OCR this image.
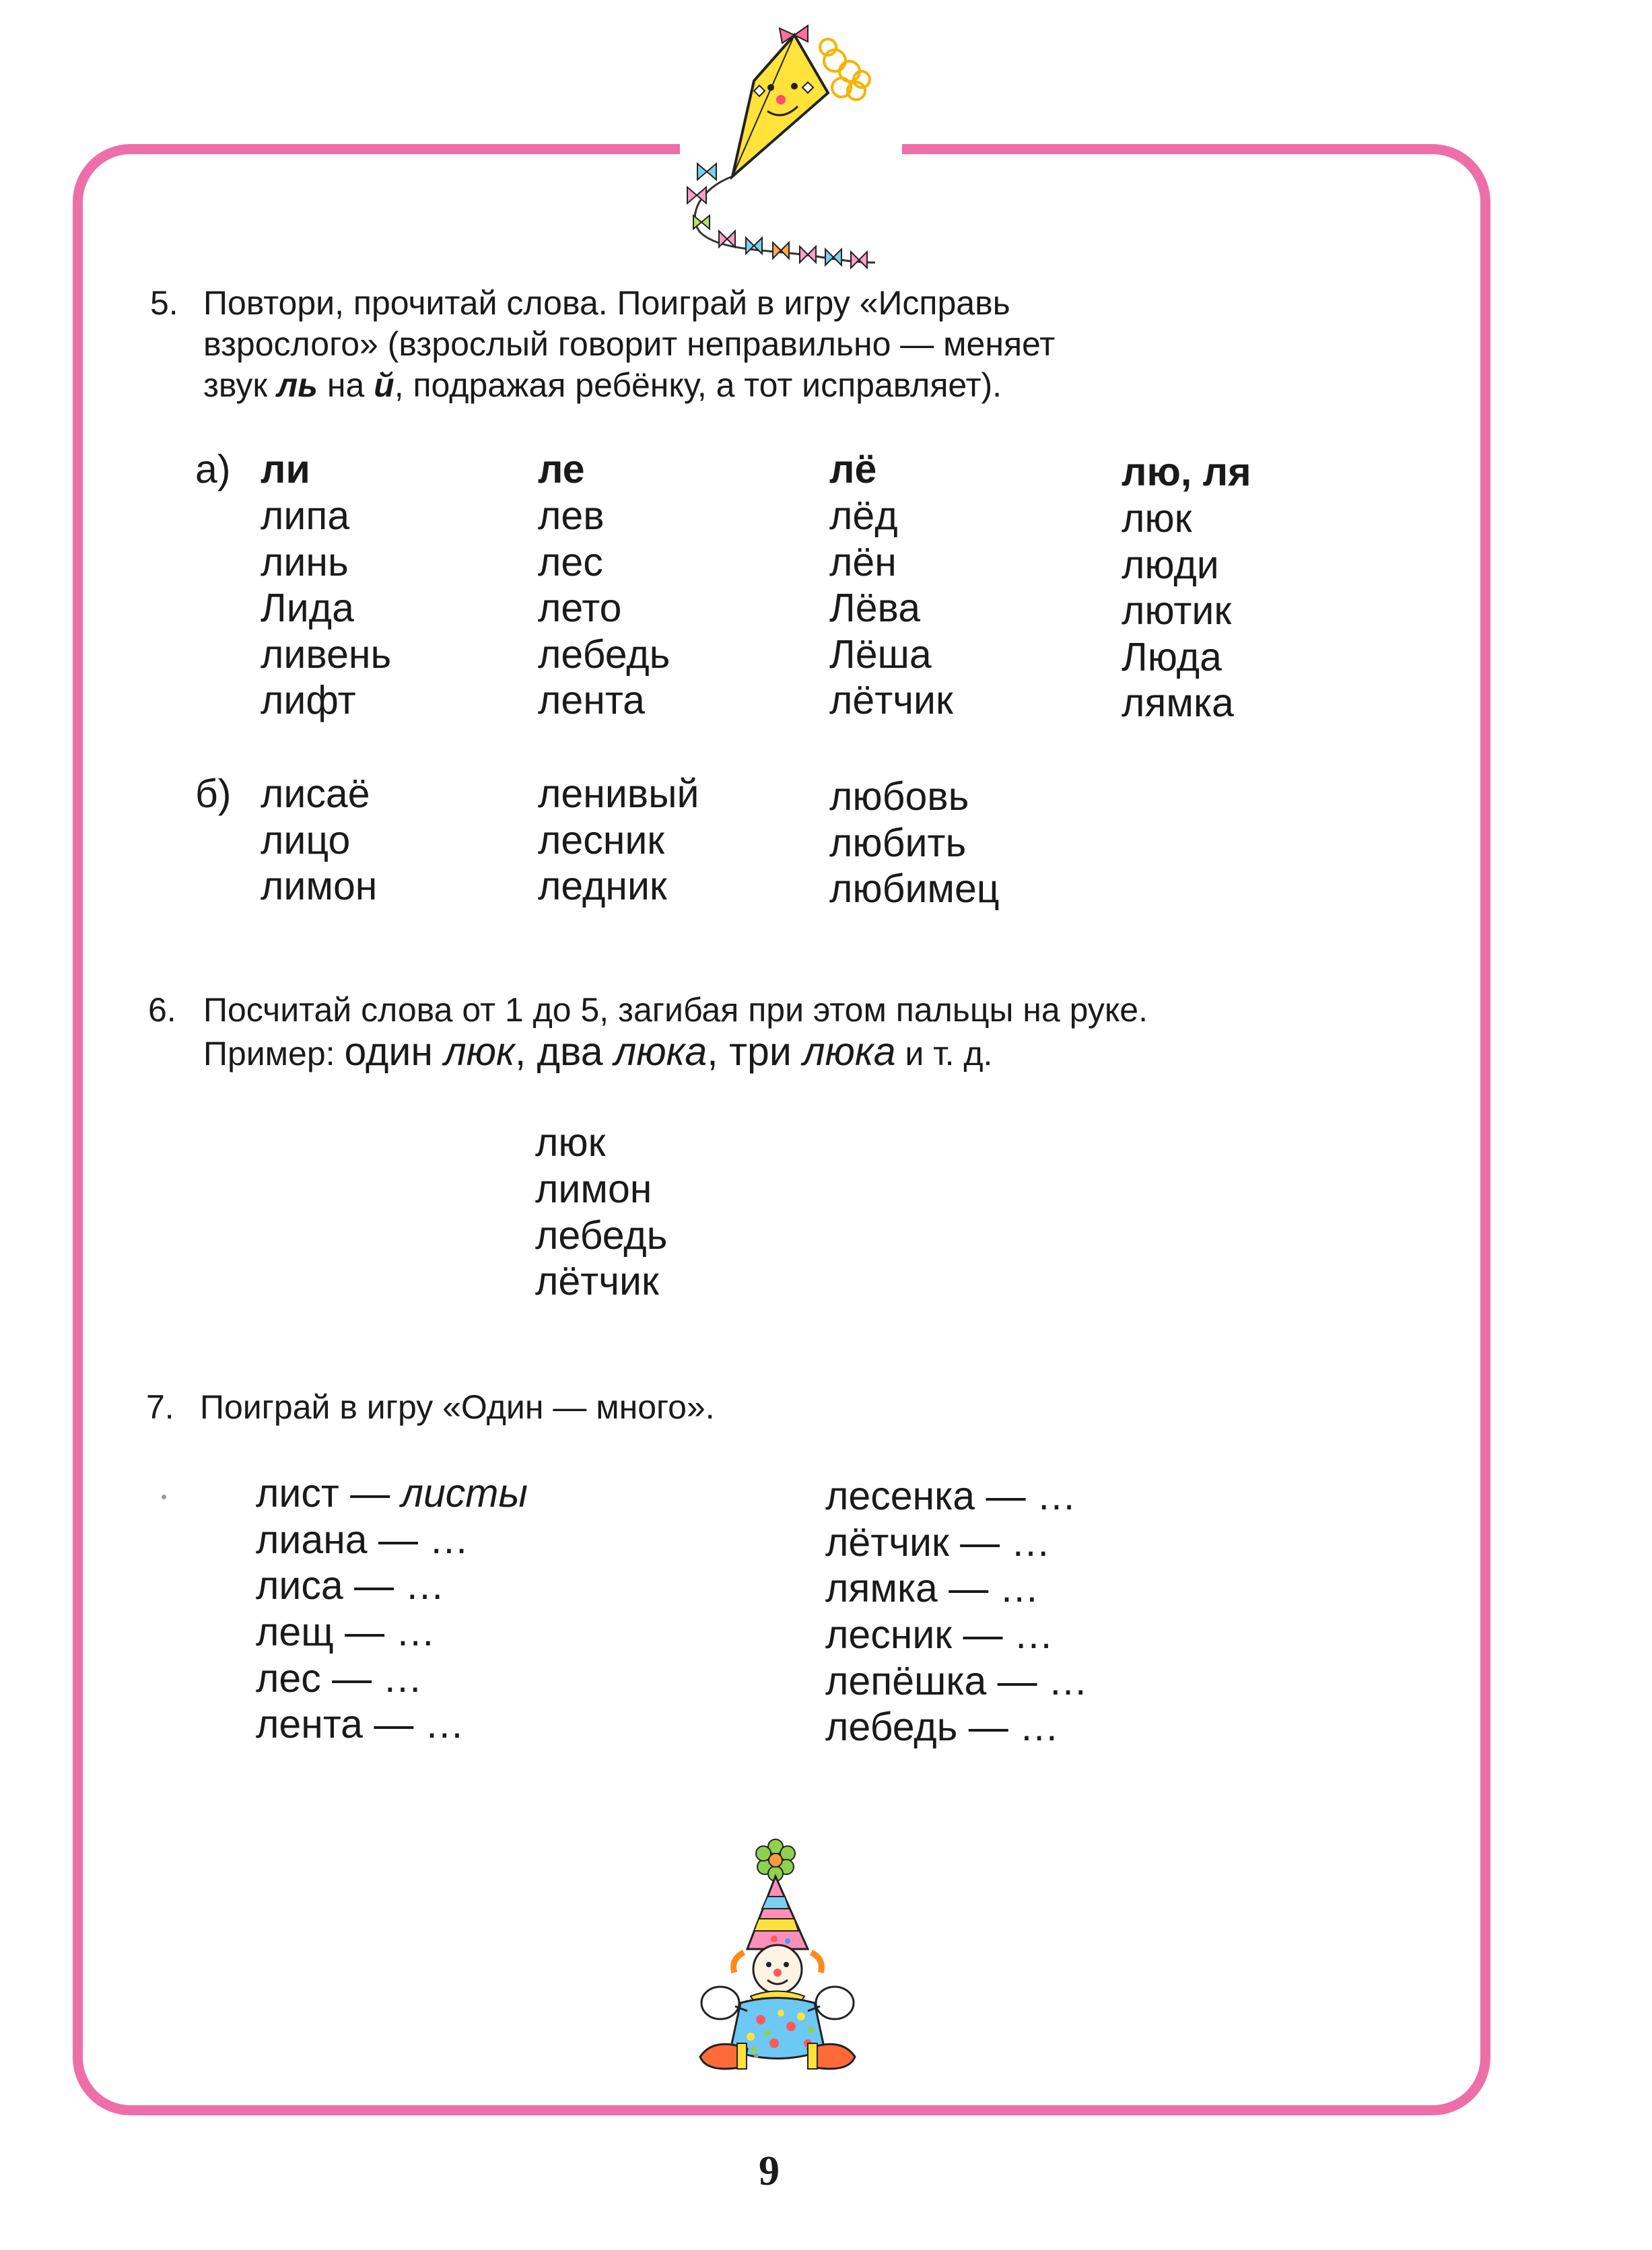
5. Повтори, прочитай слова. Поиграй в игру «Исправь
взрослого» (взрослый говорит неправильно — меняет
звук ль на й, подражая ребёнку, а тот исправляет).
а) ли
липа
линь
Лида
ливень
лифт
ле
лев
лес
лето
лебедь
лента
лё
лёд
лён
Лёва
Лёша
лётчик
лю, ля
люк
люди
лютик
Люда
лямка
б) лисаё
лицо
лимон
ленивый
лесник
ледник
любовь
любить
любимец
6. Посчитай слова от 1 до 5, загибая при этом пальцы на руке.
Пример: один люк, два люка, три люка и т. д.
люк
лимон
лебедь
лётчик
7. Поиграй в игру «Один — много».
лист — листы
лиана — …
лиса — …
лещ — …
лес — …
лента — …
лесенка — …
лётчик — …
лямка — …
лесник — …
лепёшка — …
лебедь — …
9
